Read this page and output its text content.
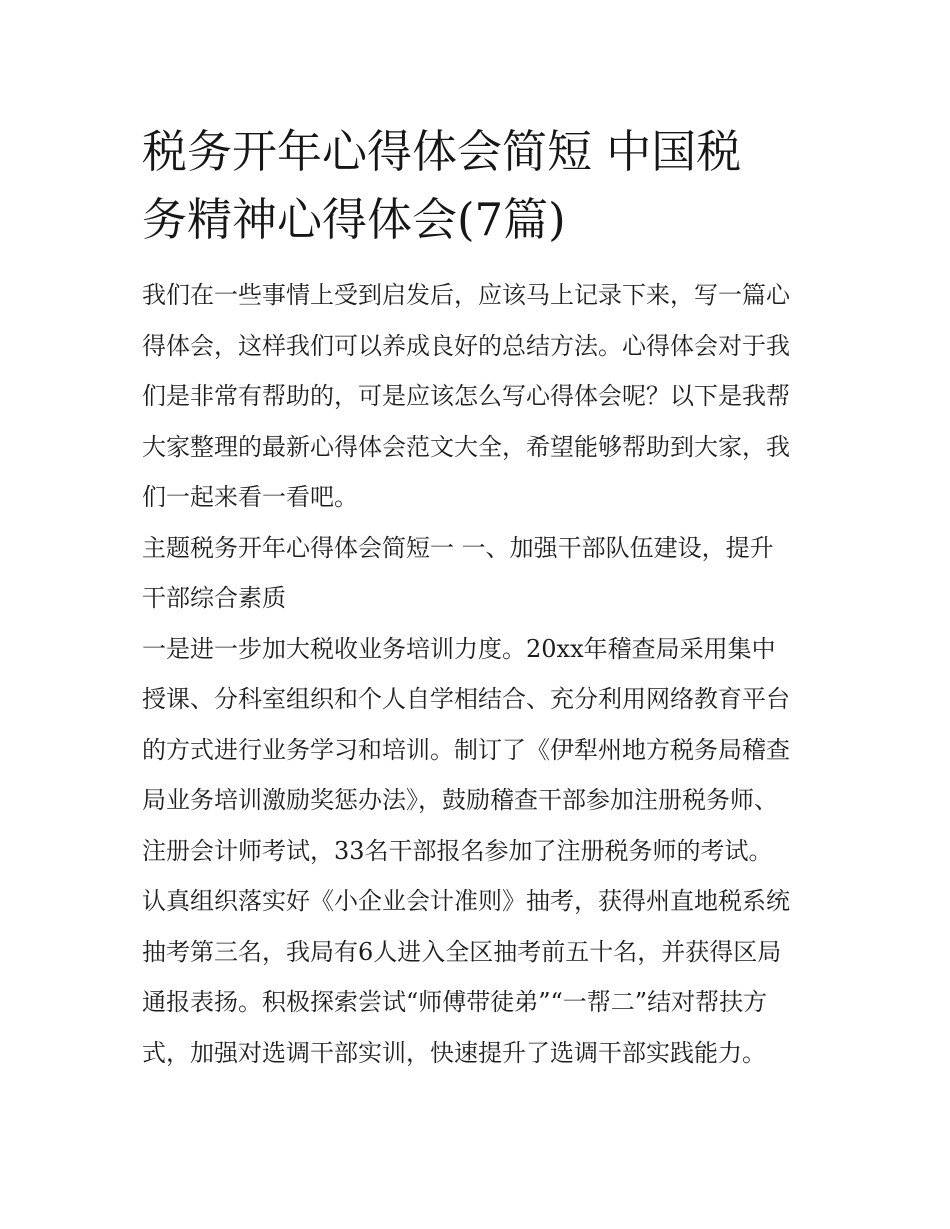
税务开年心得体会简短 中国税
务精神心得体会(7篇)

我们在一些事情上受到启发后，应该马上记录下来，写一篇心
得体会，这样我们可以养成良好的总结方法。心得体会对于我
们是非常有帮助的，可是应该怎么写心得体会呢？以下是我帮
大家整理的最新心得体会范文大全，希望能够帮助到大家，我
们一起来看一看吧。

主题税务开年心得体会简短一 一、加强干部队伍建设，提升
干部综合素质

一是进一步加大税收业务培训力度。20xx年稽查局采用集中
授课、分科室组织和个人自学相结合、充分利用网络教育平台
的方式进行业务学习和培训。制订了《伊犁州地方税务局稽查
局业务培训激励奖惩办法》，鼓励稽查干部参加注册税务师、
注册会计师考试，33名干部报名参加了注册税务师的考试。
认真组织落实好《小企业会计准则》抽考，获得州直地税系统
抽考第三名，我局有6人进入全区抽考前五十名，并获得区局
通报表扬。积极探索尝试“师傅带徒弟”“一帮二”结对帮扶方
式，加强对选调干部实训，快速提升了选调干部实践能力。
